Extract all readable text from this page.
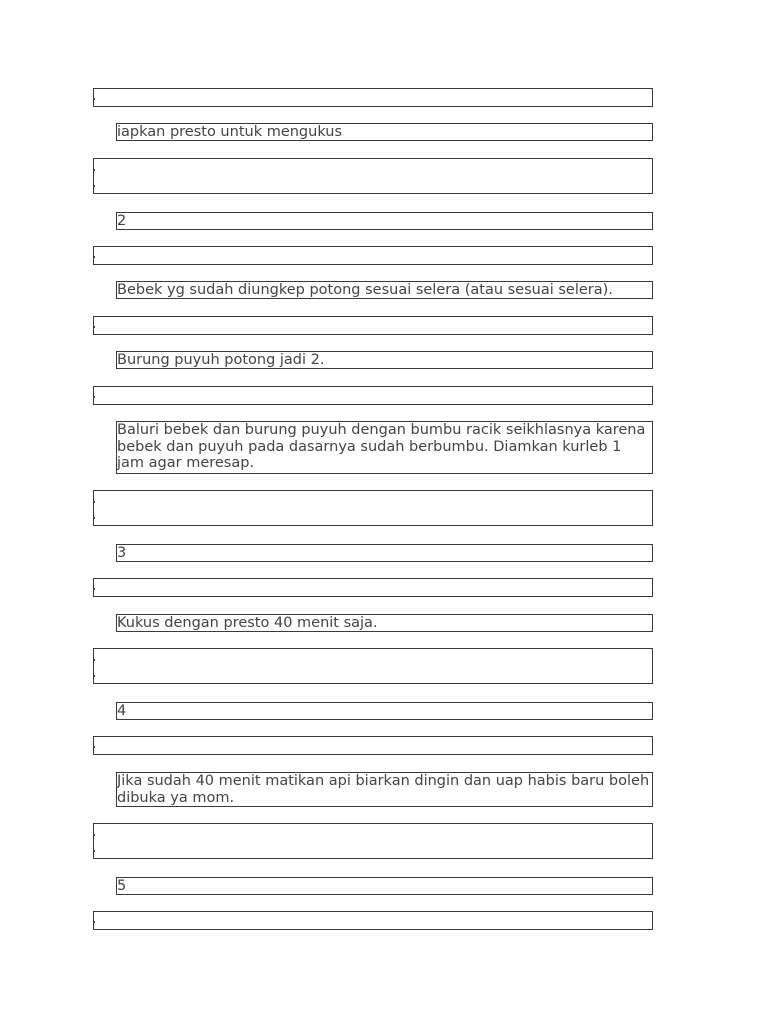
iapkan presto untuk mengukus
2
Bebek yg sudah diungkep potong sesuai selera (atau sesuai selera).
Burung puyuh potong jadi 2.
Baluri bebek dan burung puyuh dengan bumbu racik seikhlasnya karena bebek dan puyuh pada dasarnya sudah berbumbu. Diamkan kurleb 1 jam agar meresap.
3
Kukus dengan presto 40 menit saja.
4
Jika sudah 40 menit matikan api biarkan dingin dan uap habis baru boleh dibuka ya mom.
5
